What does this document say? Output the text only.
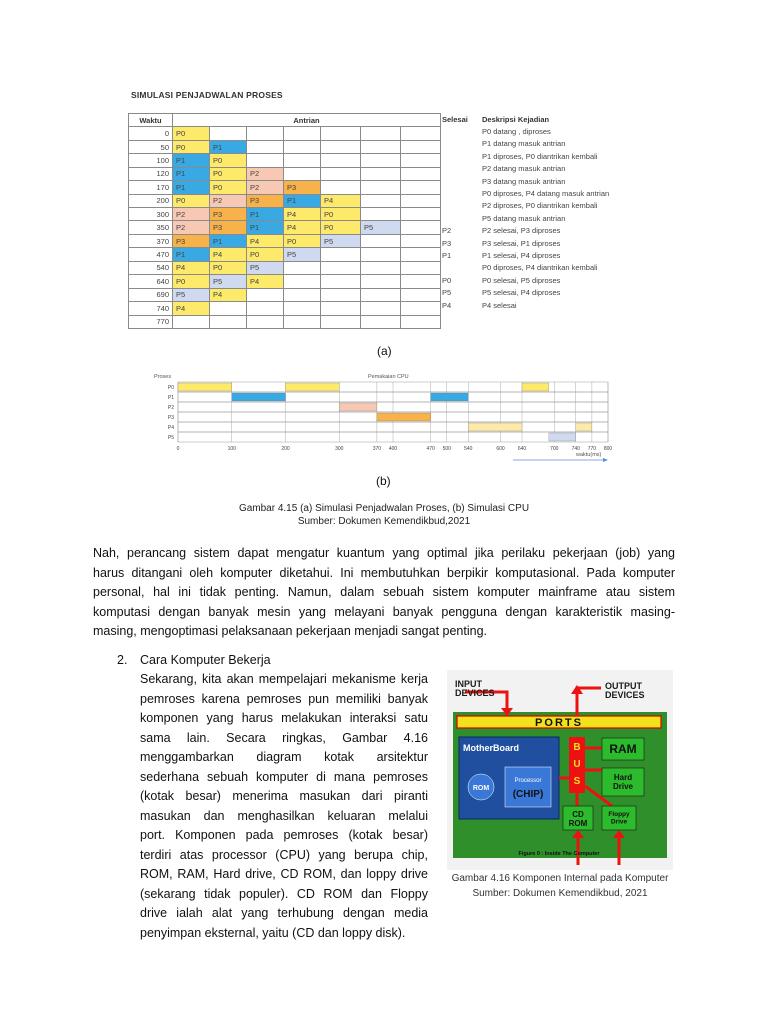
SIMULASI PENJADWALAN PROSES
Waktu	Antrian						
0	P0						
50	P0	P1					
100	P1	P0					
120	P1	P0	P2				
170	P1	P0	P2	P3			
200	P0	P2	P3	P1	P4		
300	P2	P3	P1	P4	P0		
350	P2	P3	P1	P4	P0	P5	
370	P3	P1	P4	P0	P5		
470	P1	P4	P0	P5			
540	P4	P0	P5				
640	P0	P5	P4				
690	P5	P4					
740	P4						
770							
Selesai	Deskripsi Kejadian
	P0 datang , diproses
	P1 datang masuk antrian
	P1 diproses, P0 diantrikan kembali
	P2 datang masuk antrian
	P3 datang masuk antrian
	P0 diproses, P4 datang masuk antrian
	P2 diproses, P0 diantrikan kembali
	P5 datang masuk antrian
P2	P2 selesai, P3 diproses
P3	P3 selesai, P1 diproses
P1	P1 selesai, P4 diproses
	P0 diproses, P4 diantrikan kembali
P0	P0 selesai, P5 diproses
P5	P5 selesai, P4 diproses
P4	P4 selesai
(a)
Proses	Pemakaian CPU
P0
P1
P2
P3
P4
P5
0	100	200	300	370 400	470 500	540	600	640	700	740 770 800
waktu(ms)
(b)
Gambar 4.15 (a) Simulasi Penjadwalan Proses, (b) Simulasi CPU
Sumber: Dokumen Kemendikbud,2021
Nah, perancang sistem dapat mengatur kuantum yang optimal jika perilaku pekerjaan (job) yang
harus ditangani oleh komputer diketahui. Ini membutuhkan berpikir komputasional. Pada komputer
personal, hal ini tidak penting. Namun, dalam sebuah sistem komputer mainframe atau sistem
komputasi dengan banyak mesin yang melayani banyak pengguna dengan karakteristik masing-
masing, mengoptimasi pelaksanaan pekerjaan menjadi sangat penting.
2. Cara Komputer Bekerja
Sekarang, kita akan mempelajari mekanisme kerja
pemroses karena pemroses pun memiliki banyak
komponen yang harus melakukan interaksi satu
sama lain. Secara ringkas, Gambar 4.16
menggambarkan diagram kotak arsitektur
sederhana sebuah komputer di mana pemroses
(kotak besar) menerima masukan dari piranti
masukan dan menghasilkan keluaran melalui
port. Komponen pada pemroses (kotak besar)
terdiri atas processor (CPU) yang berupa chip,
ROM, RAM, Hard drive, CD ROM, dan loppy drive
(sekarang tidak populer). CD ROM dan Floppy
drive ialah alat yang terhubung dengan media
penyimpan eksternal, yaitu (CD dan loppy disk).
PORTS
MotherBoard
ROM
Processor
(CHIP)
B
U
S
RAM
Hard Drive
CD ROM
Floppy Drive
Figure 0 : Inside The Computer
INPUT
DEVICES
OUTPUT
DEVICES
Gambar 4.16 Komponen Internal pada Komputer
Sumber: Dokumen Kemendikbud, 2021
